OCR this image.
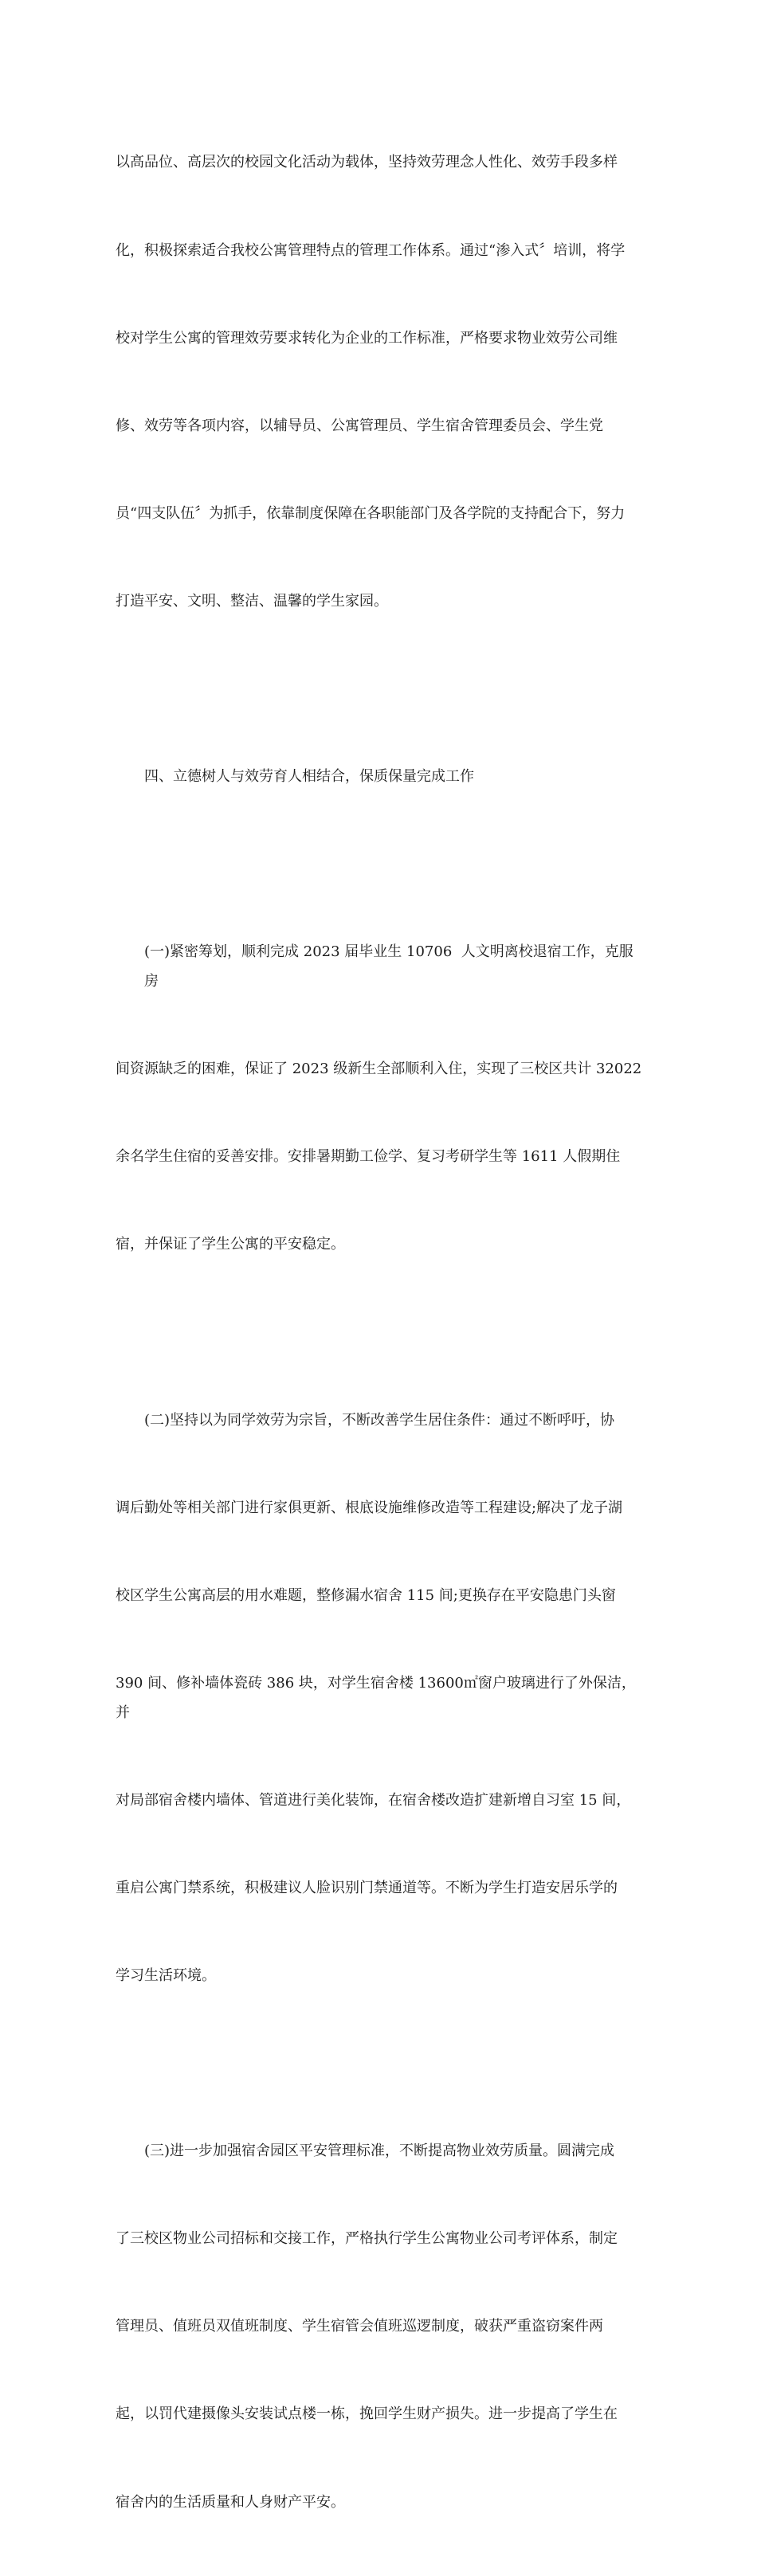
以高品位、高层次的校园文化活动为载体，坚持效劳理念人性化、效劳手段多样

化，积极探索适合我校公寓管理特点的管理工作体系。通过“渗入式〞培训，将学

校对学生公寓的管理效劳要求转化为企业的工作标准，严格要求物业效劳公司维

修、效劳等各项内容，以辅导员、公寓管理员、学生宿舍管理委员会、学生党

员“四支队伍〞为抓手，依靠制度保障在各职能部门及各学院的支持配合下，努力

打造平安、文明、整洁、温馨的学生家园。

四、立德树人与效劳育人相结合，保质保量完成工作

(一)紧密筹划，顺利完成 2023 届毕业生 10706  人文明离校退宿工作，克服房

间资源缺乏的困难，保证了 2023 级新生全部顺利入住，实现了三校区共计 32022

余名学生住宿的妥善安排。安排暑期勤工俭学、复习考研学生等 1611 人假期住

宿，并保证了学生公寓的平安稳定。

(二)坚持以为同学效劳为宗旨，不断改善学生居住条件：通过不断呼吁，协

调后勤处等相关部门进行家俱更新、根底设施维修改造等工程建设;解决了龙子湖

校区学生公寓高层的用水难题，整修漏水宿舍 115 间;更换存在平安隐患门头窗

390 间、修补墙体瓷砖 386 块，对学生宿舍楼 13600㎡窗户玻璃进行了外保洁，并

对局部宿舍楼内墙体、管道进行美化装饰，在宿舍楼改造扩建新增自习室 15 间，

重启公寓门禁系统，积极建议人脸识别门禁通道等。不断为学生打造安居乐学的

学习生活环境。

(三)进一步加强宿舍园区平安管理标准，不断提高物业效劳质量。圆满完成

了三校区物业公司招标和交接工作，严格执行学生公寓物业公司考评体系，制定

管理员、值班员双值班制度、学生宿管会值班巡逻制度，破获严重盗窃案件两

起，以罚代建摄像头安装试点楼一栋，挽回学生财产损失。进一步提高了学生在

宿舍内的生活质量和人身财产平安。
